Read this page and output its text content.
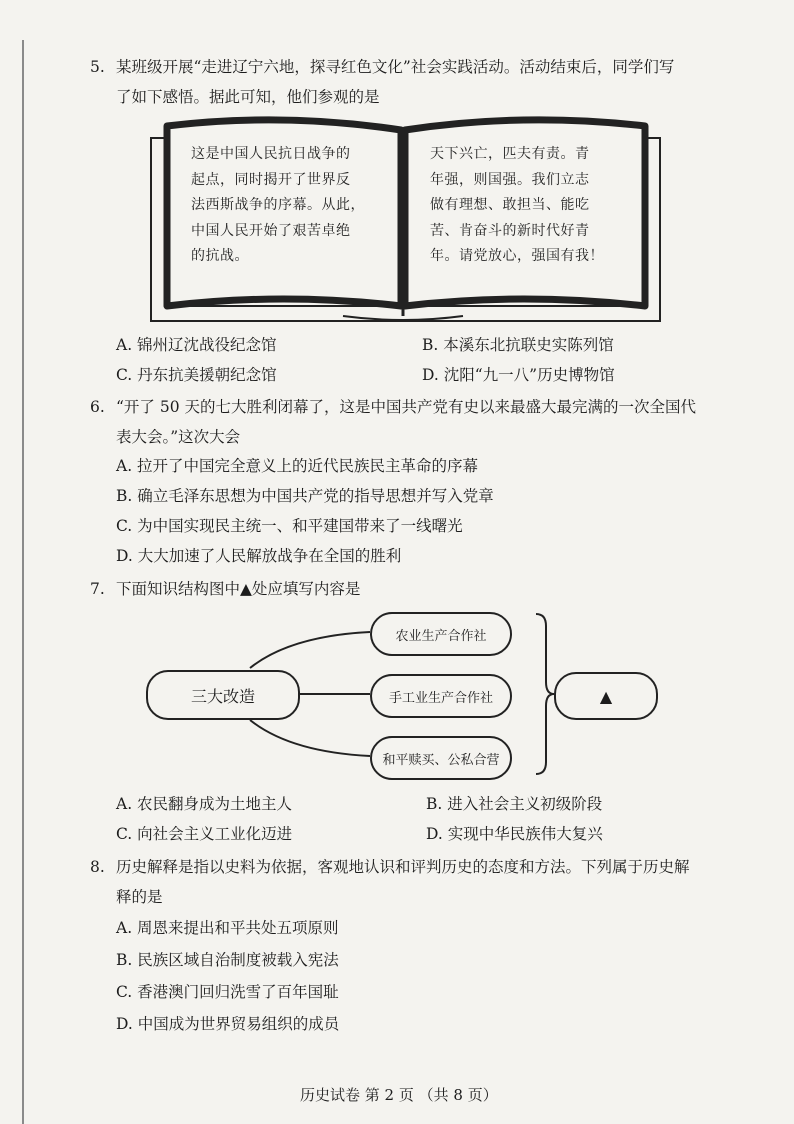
5. 某班级开展“走进辽宁六地，探寻红色文化”社会实践活动。活动结束后，同学们写
了如下感悟。据此可知，他们参观的是
这是中国人民抗日战争的
起点，同时揭开了世界反
法西斯战争的序幕。从此，
中国人民开始了艰苦卓绝
的抗战。
天下兴亡，匹夫有责。青
年强，则国强。我们立志
做有理想、敢担当、能吃
苦、肯奋斗的新时代好青
年。请党放心，强国有我！
A. 锦州辽沈战役纪念馆	B. 本溪东北抗联史实陈列馆
C. 丹东抗美援朝纪念馆	D. 沈阳“九一八”历史博物馆
6. “开了 50 天的七大胜利闭幕了，这是中国共产党有史以来最盛大最完满的一次全国代
表大会。”这次大会
A. 拉开了中国完全意义上的近代民族民主革命的序幕
B. 确立毛泽东思想为中国共产党的指导思想并写入党章
C. 为中国实现民主统一、和平建国带来了一线曙光
D. 大大加速了人民解放战争在全国的胜利
7. 下面知识结构图中▲处应填写内容是
三大改造
农业生产合作社
手工业生产合作社
和平赎买、公私合营
▲
A. 农民翻身成为土地主人	B. 进入社会主义初级阶段
C. 向社会主义工业化迈进	D. 实现中华民族伟大复兴
8. 历史解释是指以史料为依据，客观地认识和评判历史的态度和方法。下列属于历史解
释的是
A. 周恩来提出和平共处五项原则
B. 民族区域自治制度被载入宪法
C. 香港澳门回归洗雪了百年国耻
D. 中国成为世界贸易组织的成员
历史试卷 第 2 页 （共 8 页）
